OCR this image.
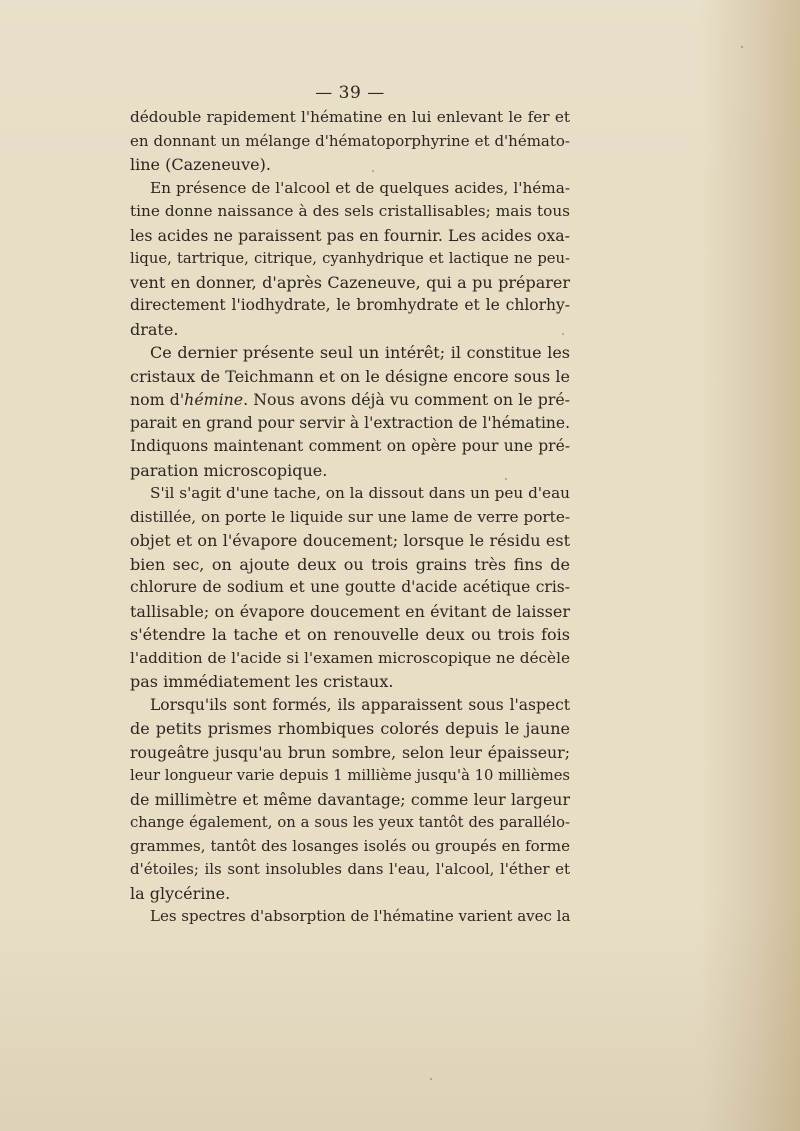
— 39 —
dédouble rapidement l'hématine en lui enlevant le fer et
en donnant un mélange d'hématoporphyrine et d'hémato-
line (Cazeneuve).
En présence de l'alcool et de quelques acides, l'héma-
tine donne naissance à des sels cristallisables; mais tous
les acides ne paraissent pas en fournir. Les acides oxa-
lique, tartrique, citrique, cyanhydrique et lactique ne peu-
vent en donner, d'après Cazeneuve, qui a pu préparer
directement l'iodhydrate, le bromhydrate et le chlorhy-
drate.
Ce dernier présente seul un intérêt; il constitue les
cristaux de Teichmann et on le désigne encore sous le
nom d'hémine. Nous avons déjà vu comment on le pré-
parait en grand pour servir à l'extraction de l'hématine.
Indiquons maintenant comment on opère pour une pré-
paration microscopique.
S'il s'agit d'une tache, on la dissout dans un peu d'eau
distillée, on porte le liquide sur une lame de verre porte-
objet et on l'évapore doucement; lorsque le résidu est
bien sec, on ajoute deux ou trois grains très fins de
chlorure de sodium et une goutte d'acide acétique cris-
tallisable; on évapore doucement en évitant de laisser
s'étendre la tache et on renouvelle deux ou trois fois
l'addition de l'acide si l'examen microscopique ne décèle
pas immédiatement les cristaux.
Lorsqu'ils sont formés, ils apparaissent sous l'aspect
de petits prismes rhombiques colorés depuis le jaune
rougeâtre jusqu'au brun sombre, selon leur épaisseur;
leur longueur varie depuis 1 millième jusqu'à 10 millièmes
de millimètre et même davantage; comme leur largeur
change également, on a sous les yeux tantôt des parallélo-
grammes, tantôt des losanges isolés ou groupés en forme
d'étoiles; ils sont insolubles dans l'eau, l'alcool, l'éther et
la glycérine.
Les spectres d'absorption de l'hématine varient avec la
